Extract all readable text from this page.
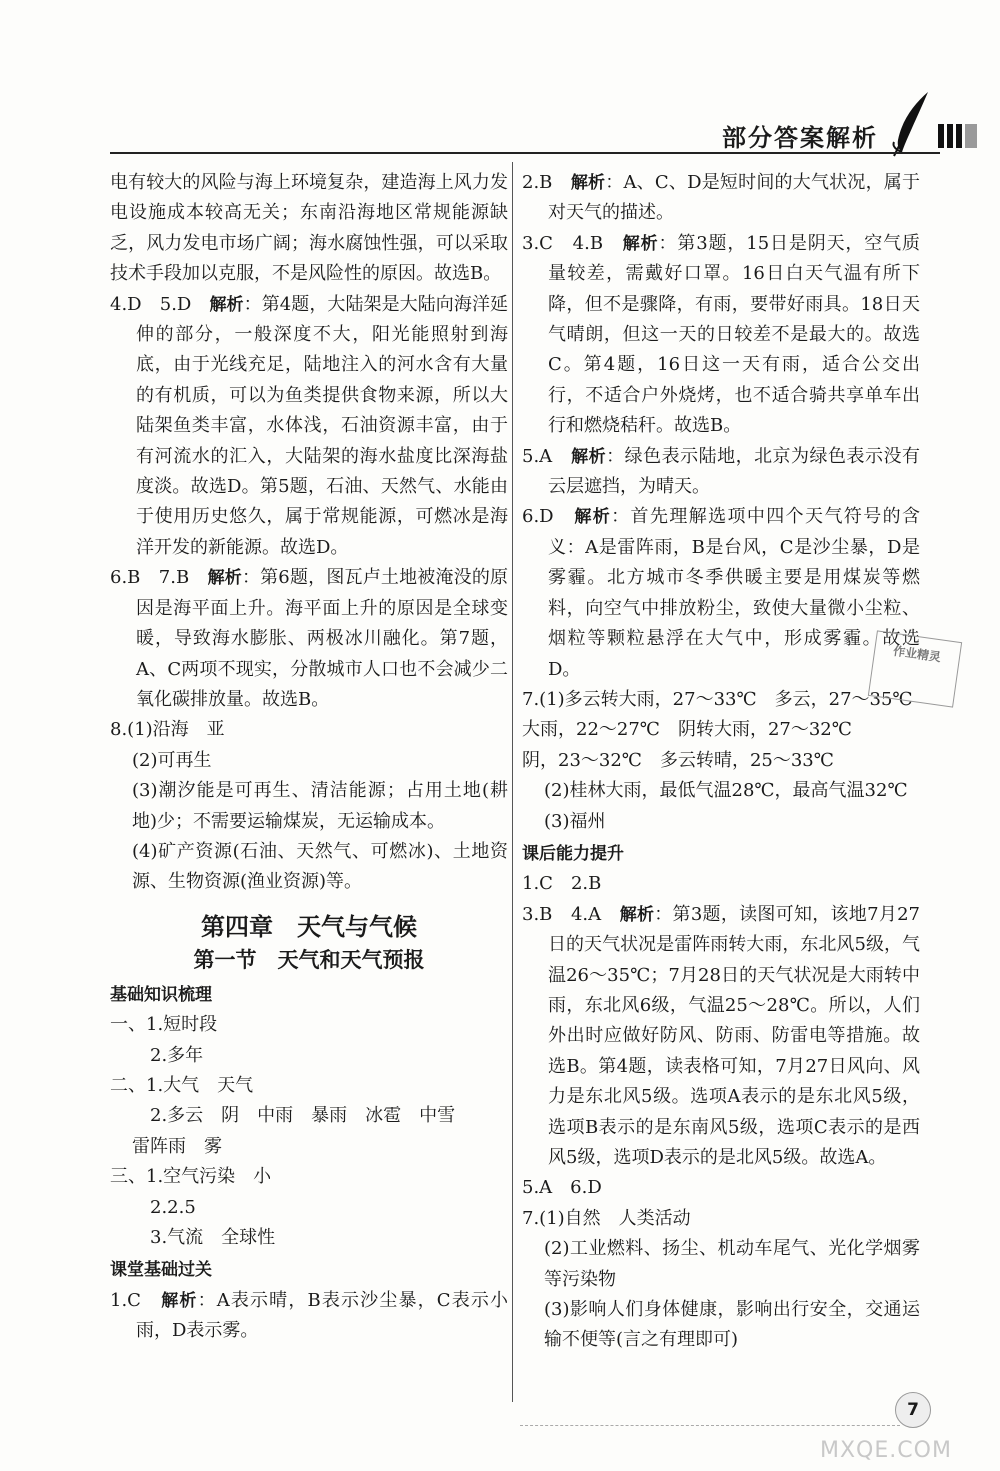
部分答案解析

电有较大的风险与海上环境复杂，建造海上风力发电设施成本较高无关；东南沿海地区常规能源缺乏，风力发电市场广阔；海水腐蚀性强，可以采取技术手段加以克服，不是风险性的原因。故选B。

4.D　5.D　解析：第4题，大陆架是大陆向海洋延伸的部分，一般深度不大，阳光能照射到海底，由于光线充足，陆地注入的河水含有大量的有机质，可以为鱼类提供食物来源，所以大陆架鱼类丰富，水体浅，石油资源丰富，由于有河流水的汇入，大陆架的海水盐度比深海盐度淡。故选D。第5题，石油、天然气、水能由于使用历史悠久，属于常规能源，可燃冰是海洋开发的新能源。故选D。

6.B　7.B　解析：第6题，图瓦卢土地被淹没的原因是海平面上升。海平面上升的原因是全球变暖，导致海水膨胀、两极冰川融化。第7题，A、C两项不现实，分散城市人口也不会减少二氧化碳排放量。故选B。

8.(1)沿海　亚

(2)可再生

(3)潮汐能是可再生、清洁能源；占用土地(耕地)少；不需要运输煤炭，无运输成本。

(4)矿产资源(石油、天然气、可燃冰)、土地资源、生物资源(渔业资源)等。

第四章　天气与气候
第一节　天气和天气预报
基础知识梳理

一、1.短时段

2.多年

二、1.大气　天气

2.多云　阴　中雨　暴雨　冰雹　中雪

雷阵雨　雾

三、1.空气污染　小

2.2.5

3.气流　全球性

课堂基础过关

1.C　解析：A表示晴，B表示沙尘暴，C表示小雨，D表示雾。

2.B　解析：A、C、D是短时间的大气状况，属于对天气的描述。

3.C　4.B　解析：第3题，15日是阴天，空气质量较差，需戴好口罩。16日白天气温有所下降，但不是骤降，有雨，要带好雨具。18日天气晴朗，但这一天的日较差不是最大的。故选C。第4题，16日这一天有雨，适合公交出行，不适合户外烧烤，也不适合骑共享单车出行和燃烧秸秆。故选B。

5.A　解析：绿色表示陆地，北京为绿色表示没有云层遮挡，为晴天。

6.D　解析：首先理解选项中四个天气符号的含义：A是雷阵雨，B是台风，C是沙尘暴，D是雾霾。北方城市冬季供暖主要是用煤炭等燃料，向空气中排放粉尘，致使大量微小尘粒、烟粒等颗粒悬浮在大气中，形成雾霾。故选D。

7.(1)多云转大雨，27～33℃　多云，27～35℃

大雨，22～27℃　阴转大雨，27～32℃

阴，23～32℃　多云转晴，25～33℃

(2)桂林大雨，最低气温28℃，最高气温32℃

(3)福州

课后能力提升

1.C　2.B

3.B　4.A　解析：第3题，读图可知，该地7月27日的天气状况是雷阵雨转大雨，东北风5级，气温26～35℃；7月28日的天气状况是大雨转中雨，东北风6级，气温25～28℃。所以，人们外出时应做好防风、防雨、防雷电等措施。故选B。第4题，读表格可知，7月27日风向、风力是东北风5级。选项A表示的是东北风5级，选项B表示的是东南风5级，选项C表示的是西风5级，选项D表示的是北风5级。故选A。

5.A　6.D

7.(1)自然　人类活动

(2)工业燃料、扬尘、机动车尾气、光化学烟雾等污染物

(3)影响人们身体健康，影响出行安全，交通运输不便等(言之有理即可)

作业精灵
7
MXQE.COM
